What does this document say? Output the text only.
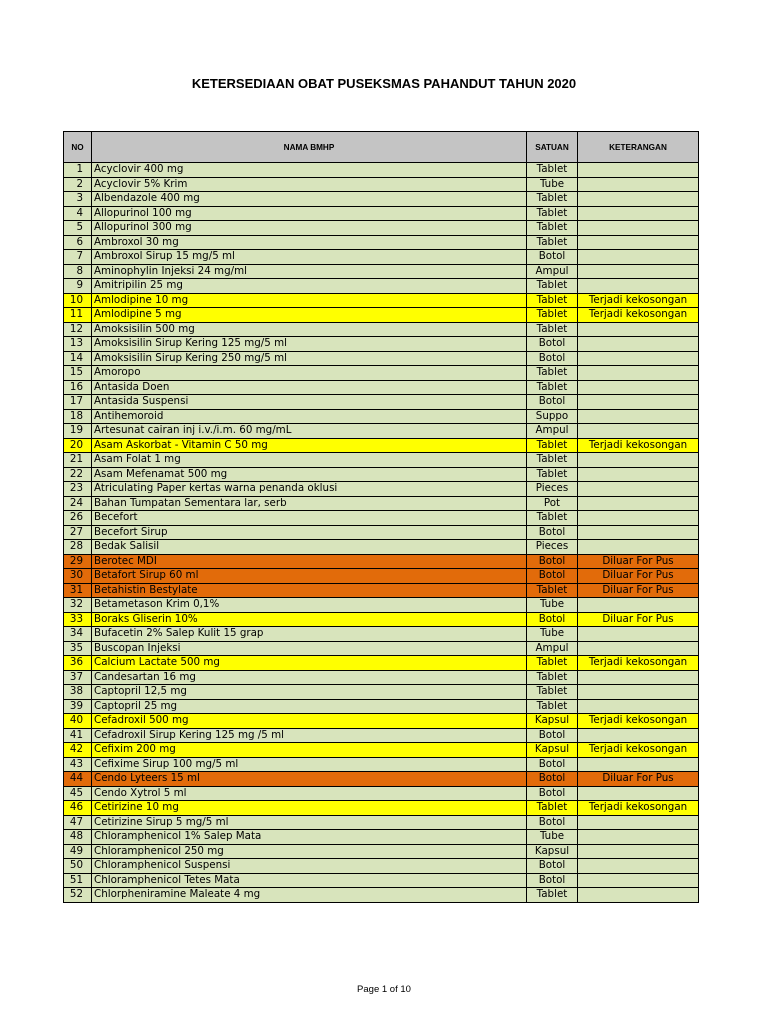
KETERSEDIAAN OBAT PUSEKSMAS PAHANDUT TAHUN 2020
NO	NAMA BMHP	SATUAN	KETERANGAN
1	Acyclovir 400 mg	Tablet	
2	Acyclovir 5% Krim	Tube	
3	Albendazole 400 mg	Tablet	
4	Allopurinol 100 mg	Tablet	
5	Allopurinol 300 mg	Tablet	
6	Ambroxol 30 mg	Tablet	
7	Ambroxol Sirup 15 mg/5 ml	Botol	
8	Aminophylin Injeksi 24 mg/ml	Ampul	
9	Amitripilin 25 mg	Tablet	
10	Amlodipine 10 mg	Tablet	Terjadi kekosongan
11	Amlodipine 5 mg	Tablet	Terjadi kekosongan
12	Amoksisilin 500 mg	Tablet	
13	Amoksisilin Sirup Kering 125 mg/5 ml	Botol	
14	Amoksisilin Sirup Kering 250 mg/5 ml	Botol	
15	Amoropo	Tablet	
16	Antasida Doen	Tablet	
17	Antasida Suspensi	Botol	
18	Antihemoroid	Suppo	
19	Artesunat cairan inj i.v./i.m. 60 mg/mL	Ampul	
20	Asam Askorbat - Vitamin C 50 mg	Tablet	Terjadi kekosongan
21	Asam Folat 1 mg	Tablet	
22	Asam Mefenamat 500 mg	Tablet	
23	Atriculating Paper kertas warna penanda oklusi	Pieces	
24	Bahan Tumpatan Sementara lar, serb	Pot	
26	Becefort	Tablet	
27	Becefort Sirup	Botol	
28	Bedak Salisil	Pieces	
29	Berotec MDI	Botol	Diluar For Pus
30	Betafort Sirup 60 ml	Botol	Diluar For Pus
31	Betahistin Bestylate	Tablet	Diluar For Pus
32	Betametason Krim 0,1%	Tube	
33	Boraks Gliserin 10%	Botol	Diluar For Pus
34	Bufacetin 2% Salep Kulit 15 grap	Tube	
35	Buscopan Injeksi	Ampul	
36	Calcium Lactate 500 mg	Tablet	Terjadi kekosongan
37	Candesartan 16 mg	Tablet	
38	Captopril 12,5 mg	Tablet	
39	Captopril 25 mg	Tablet	
40	Cefadroxil 500 mg	Kapsul	Terjadi kekosongan
41	Cefadroxil Sirup Kering 125 mg /5 ml	Botol	
42	Cefixim 200 mg	Kapsul	Terjadi kekosongan
43	Cefixime Sirup 100 mg/5 ml	Botol	
44	Cendo Lyteers 15 ml	Botol	Diluar For Pus
45	Cendo Xytrol 5 ml	Botol	
46	Cetirizine 10 mg	Tablet	Terjadi kekosongan
47	Cetirizine Sirup 5 mg/5 ml	Botol	
48	Chloramphenicol 1% Salep Mata	Tube	
49	Chloramphenicol 250 mg	Kapsul	
50	Chloramphenicol Suspensi	Botol	
51	Chloramphenicol Tetes Mata	Botol	
52	Chlorpheniramine Maleate 4 mg	Tablet	
Page 1 of 10
